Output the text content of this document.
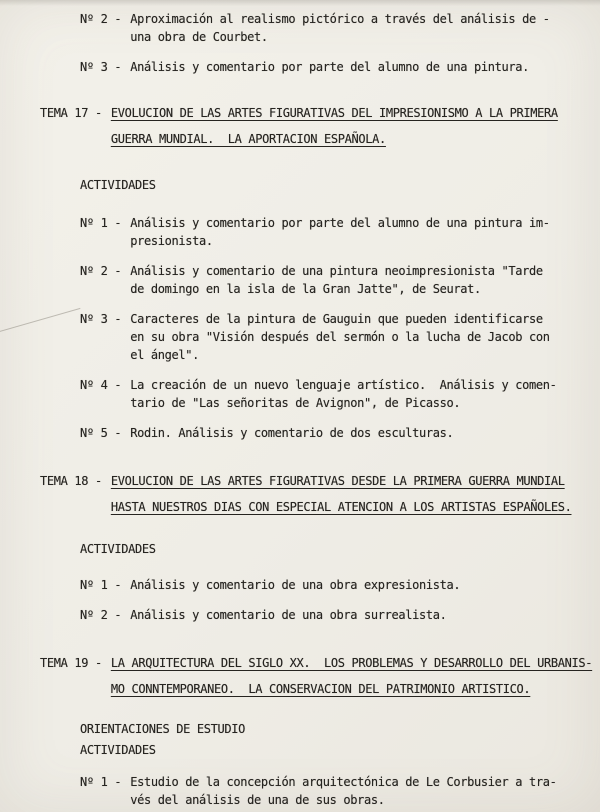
Nº 2 - Aproximación al realismo pictórico a través del análisis de -
una obra de Courbet.
Nº 3 - Análisis y comentario por parte del alumno de una pintura.
TEMA 17 - EVOLUCION DE LAS ARTES FIGURATIVAS DEL IMPRESIONISMO A LA PRIMERA
GUERRA MUNDIAL.  LA APORTACION ESPAÑOLA.
ACTIVIDADES
Nº 1 - Análisis y comentario por parte del alumno de una pintura im-
presionista.
Nº 2 - Análisis y comentario de una pintura neoimpresionista "Tarde
de domingo en la isla de la Gran Jatte", de Seurat.
Nº 3 - Caracteres de la pintura de Gauguin que pueden identificarse
en su obra "Visión después del sermón o la lucha de Jacob con
el ángel".
Nº 4 - La creación de un nuevo lenguaje artístico.  Análisis y comen-
tario de "Las señoritas de Avignon", de Picasso.
Nº 5 - Rodin. Análisis y comentario de dos esculturas.
TEMA 18 - EVOLUCION DE LAS ARTES FIGURATIVAS DESDE LA PRIMERA GUERRA MUNDIAL
HASTA NUESTROS DIAS CON ESPECIAL ATENCION A LOS ARTISTAS ESPAÑOLES.
ACTIVIDADES
Nº 1 - Análisis y comentario de una obra expresionista.
Nº 2 - Análisis y comentario de una obra surrealista.
TEMA 19 - LA ARQUITECTURA DEL SIGLO XX.  LOS PROBLEMAS Y DESARROLLO DEL URBANIS-
MO CONNTEMPORANEO.  LA CONSERVACION DEL PATRIMONIO ARTISTICO.
ORIENTACIONES DE ESTUDIO
ACTIVIDADES
Nº 1 - Estudio de la concepción arquitectónica de Le Corbusier a tra-
vés del análisis de una de sus obras.
